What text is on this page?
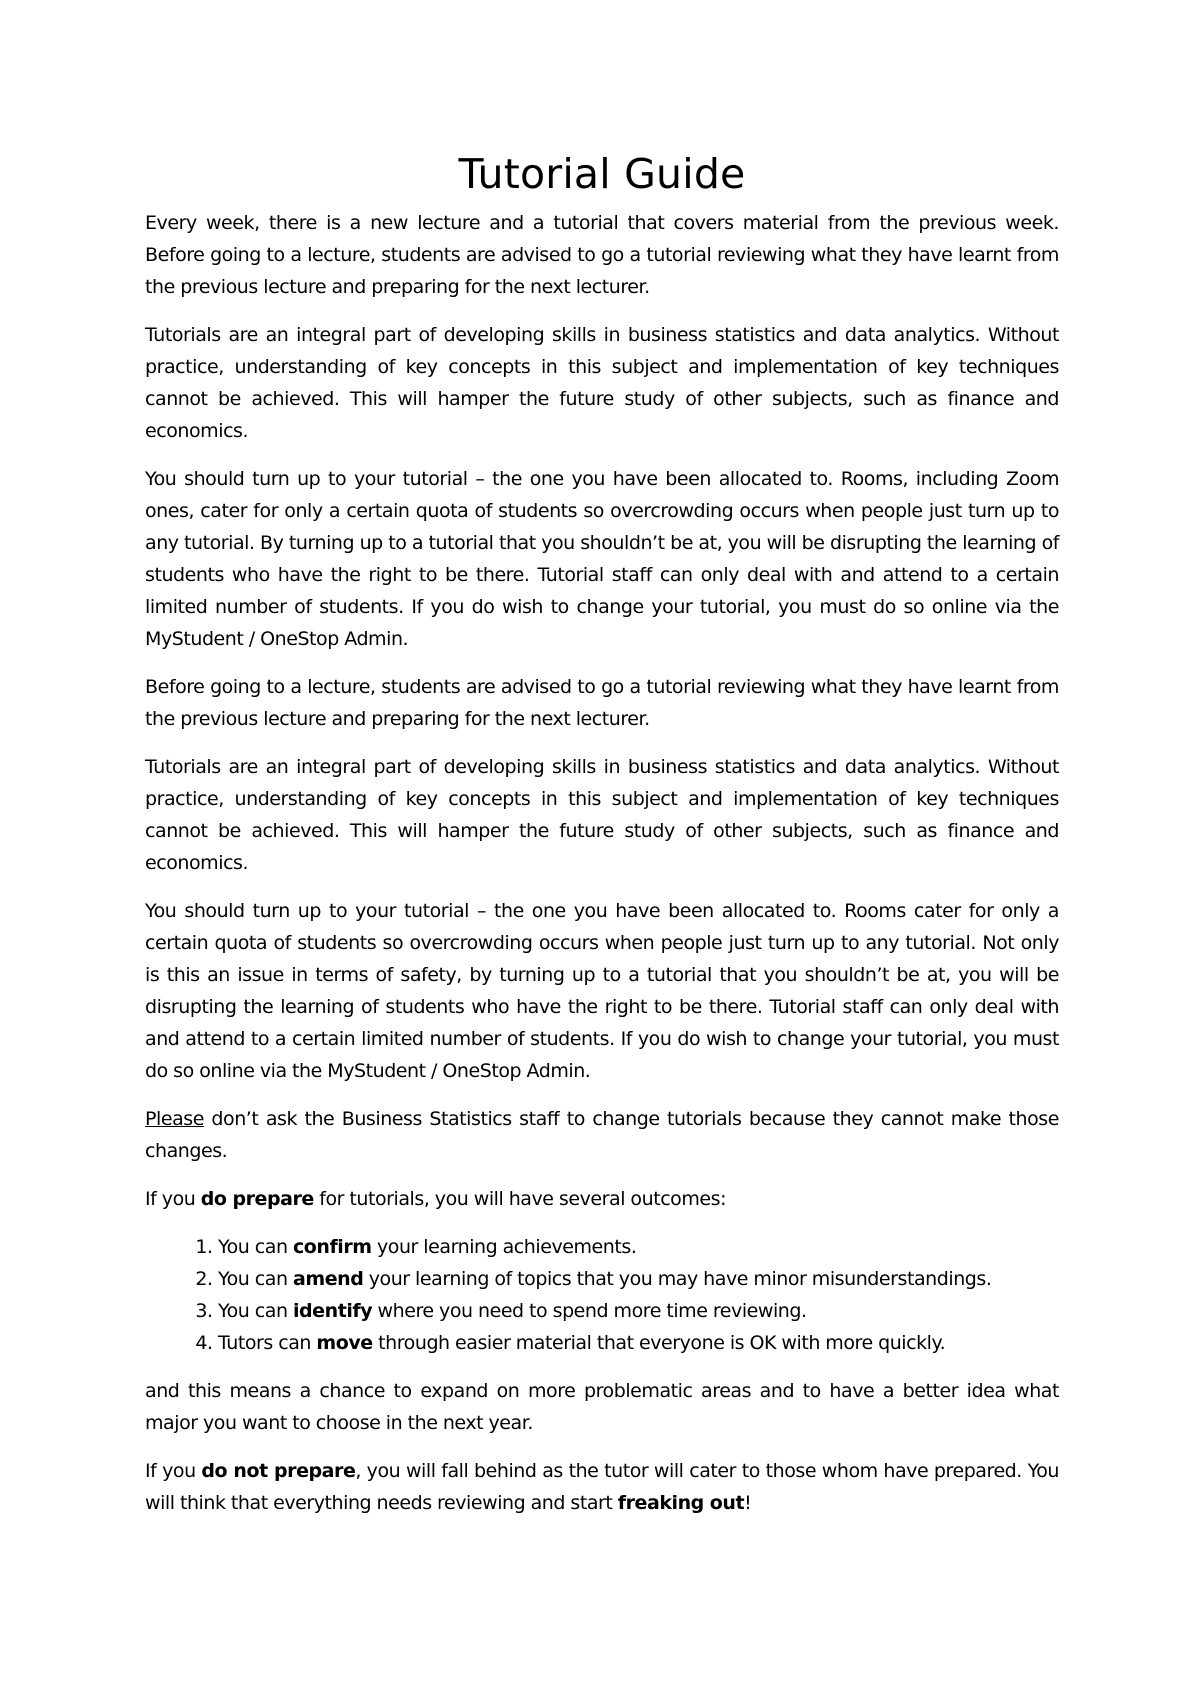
Tutorial Guide

Every week, there is a new lecture and a tutorial that covers material from the previous week. Before going to a lecture, students are advised to go a tutorial reviewing what they have learnt from the previous lecture and preparing for the next lecturer.

Tutorials are an integral part of developing skills in business statistics and data analytics. Without practice, understanding of key concepts in this subject and implementation of key techniques cannot be achieved. This will hamper the future study of other subjects, such as finance and economics.

You should turn up to your tutorial – the one you have been allocated to. Rooms, including Zoom ones, cater for only a certain quota of students so overcrowding occurs when people just turn up to any tutorial. By turning up to a tutorial that you shouldn’t be at, you will be disrupting the learning of students who have the right to be there. Tutorial staff can only deal with and attend to a certain limited number of students. If you do wish to change your tutorial, you must do so online via the MyStudent / OneStop Admin.

Before going to a lecture, students are advised to go a tutorial reviewing what they have learnt from the previous lecture and preparing for the next lecturer.

Tutorials are an integral part of developing skills in business statistics and data analytics. Without practice, understanding of key concepts in this subject and implementation of key techniques cannot be achieved. This will hamper the future study of other subjects, such as finance and economics.

You should turn up to your tutorial – the one you have been allocated to. Rooms cater for only a certain quota of students so overcrowding occurs when people just turn up to any tutorial. Not only is this an issue in terms of safety, by turning up to a tutorial that you shouldn’t be at, you will be disrupting the learning of students who have the right to be there. Tutorial staff can only deal with and attend to a certain limited number of students. If you do wish to change your tutorial, you must do so online via the MyStudent / OneStop Admin.

Please don’t ask the Business Statistics staff to change tutorials because they cannot make those changes.

If you do prepare for tutorials, you will have several outcomes:

1. You can confirm your learning achievements.
2. You can amend your learning of topics that you may have minor misunderstandings.
3. You can identify where you need to spend more time reviewing.
4. Tutors can move through easier material that everyone is OK with more quickly.

and this means a chance to expand on more problematic areas and to have a better idea what major you want to choose in the next year.

If you do not prepare, you will fall behind as the tutor will cater to those whom have prepared. You will think that everything needs reviewing and start freaking out!
